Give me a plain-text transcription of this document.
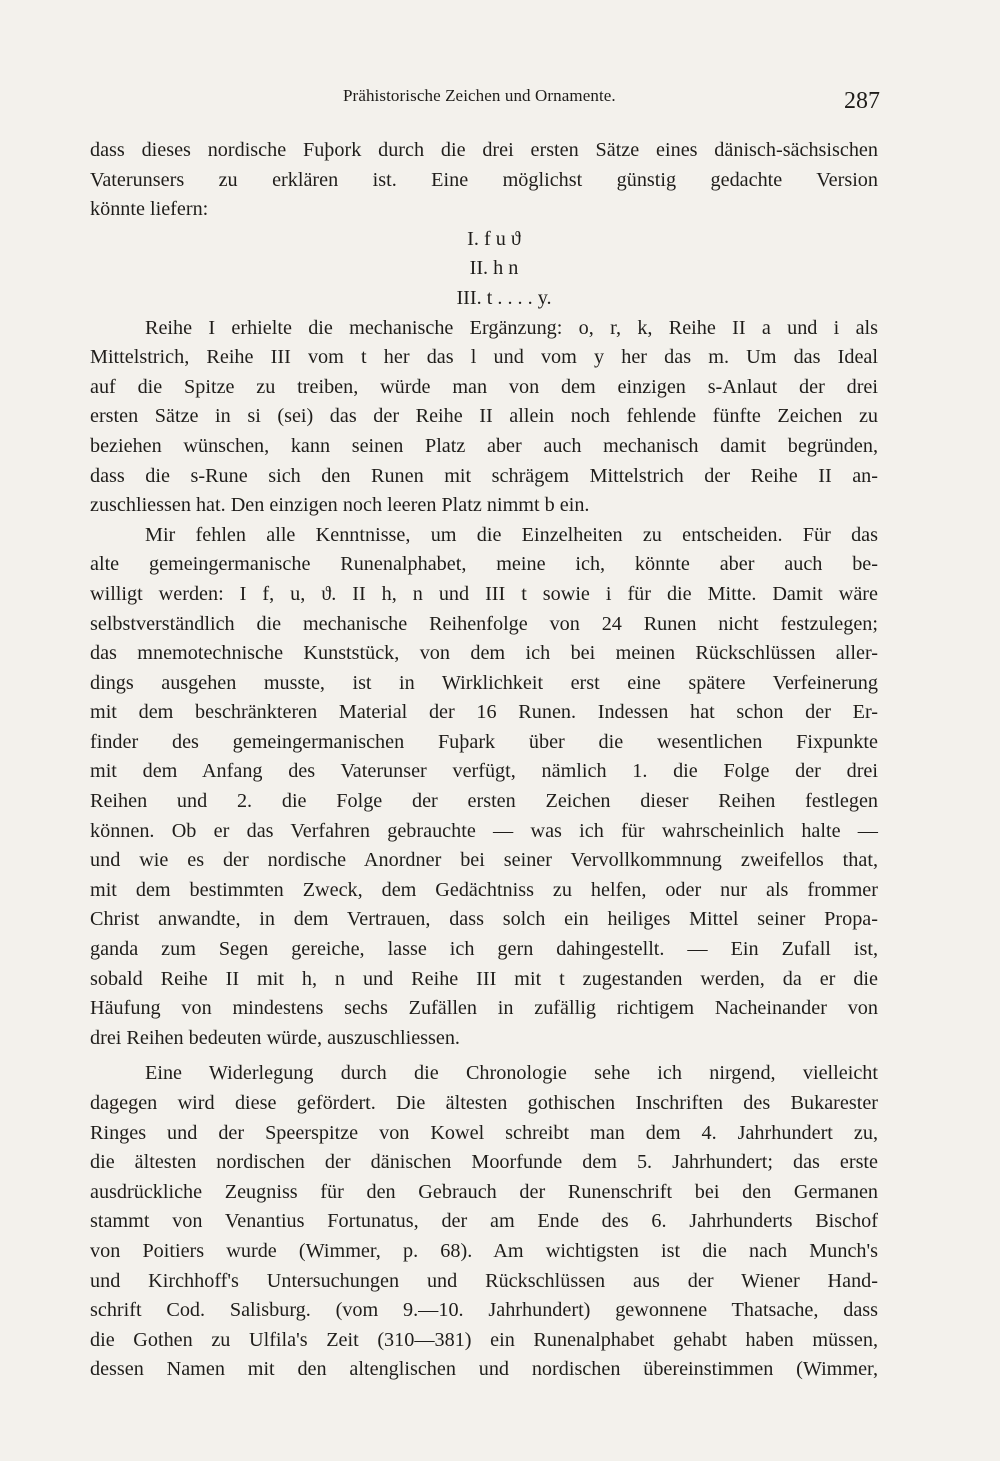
Prähistorische Zeichen und Ornamente.	287
dass dieses nordische Fuþork durch die drei ersten Sätze eines dänisch-sächsischen
Vaterunsers zu erklären ist. Eine möglichst günstig gedachte Version
könnte liefern:
I. f u ϑ
II. h n
III. t . . . . y.
Reihe I erhielte die mechanische Ergänzung: o, r, k, Reihe II a und i als
Mittelstrich, Reihe III vom t her das l und vom y her das m. Um das Ideal
auf die Spitze zu treiben, würde man von dem einzigen s-Anlaut der drei
ersten Sätze in si (sei) das der Reihe II allein noch fehlende fünfte Zeichen zu
beziehen wünschen, kann seinen Platz aber auch mechanisch damit begründen,
dass die s-Rune sich den Runen mit schrägem Mittelstrich der Reihe II an-
zuschliessen hat. Den einzigen noch leeren Platz nimmt b ein.
Mir fehlen alle Kenntnisse, um die Einzelheiten zu entscheiden. Für das
alte gemeingermanische Runenalphabet, meine ich, könnte aber auch be-
willigt werden: I f, u, ϑ. II h, n und III t sowie i für die Mitte. Damit wäre
selbstverständlich die mechanische Reihenfolge von 24 Runen nicht festzulegen;
das mnemotechnische Kunststück, von dem ich bei meinen Rückschlüssen aller-
dings ausgehen musste, ist in Wirklichkeit erst eine spätere Verfeinerung
mit dem beschränkteren Material der 16 Runen. Indessen hat schon der Er-
finder des gemeingermanischen Fuþark über die wesentlichen Fixpunkte
mit dem Anfang des Vaterunser verfügt, nämlich 1. die Folge der drei
Reihen und 2. die Folge der ersten Zeichen dieser Reihen festlegen
können. Ob er das Verfahren gebrauchte — was ich für wahrscheinlich halte —
und wie es der nordische Anordner bei seiner Vervollkommnung zweifellos that,
mit dem bestimmten Zweck, dem Gedächtniss zu helfen, oder nur als frommer
Christ anwandte, in dem Vertrauen, dass solch ein heiliges Mittel seiner Propa-
ganda zum Segen gereiche, lasse ich gern dahingestellt. — Ein Zufall ist,
sobald Reihe II mit h, n und Reihe III mit t zugestanden werden, da er die
Häufung von mindestens sechs Zufällen in zufällig richtigem Nacheinander von
drei Reihen bedeuten würde, auszuschliessen.
Eine Widerlegung durch die Chronologie sehe ich nirgend, vielleicht
dagegen wird diese gefördert. Die ältesten gothischen Inschriften des Bukarester
Ringes und der Speerspitze von Kowel schreibt man dem 4. Jahrhundert zu,
die ältesten nordischen der dänischen Moorfunde dem 5. Jahrhundert; das erste
ausdrückliche Zeugniss für den Gebrauch der Runenschrift bei den Germanen
stammt von Venantius Fortunatus, der am Ende des 6. Jahrhunderts Bischof
von Poitiers wurde (Wimmer, p. 68). Am wichtigsten ist die nach Munch's
und Kirchhoff's Untersuchungen und Rückschlüssen aus der Wiener Hand-
schrift Cod. Salisburg. (vom 9.—10. Jahrhundert) gewonnene Thatsache, dass
die Gothen zu Ulfila's Zeit (310—381) ein Runenalphabet gehabt haben müssen,
dessen Namen mit den altenglischen und nordischen übereinstimmen (Wimmer,
